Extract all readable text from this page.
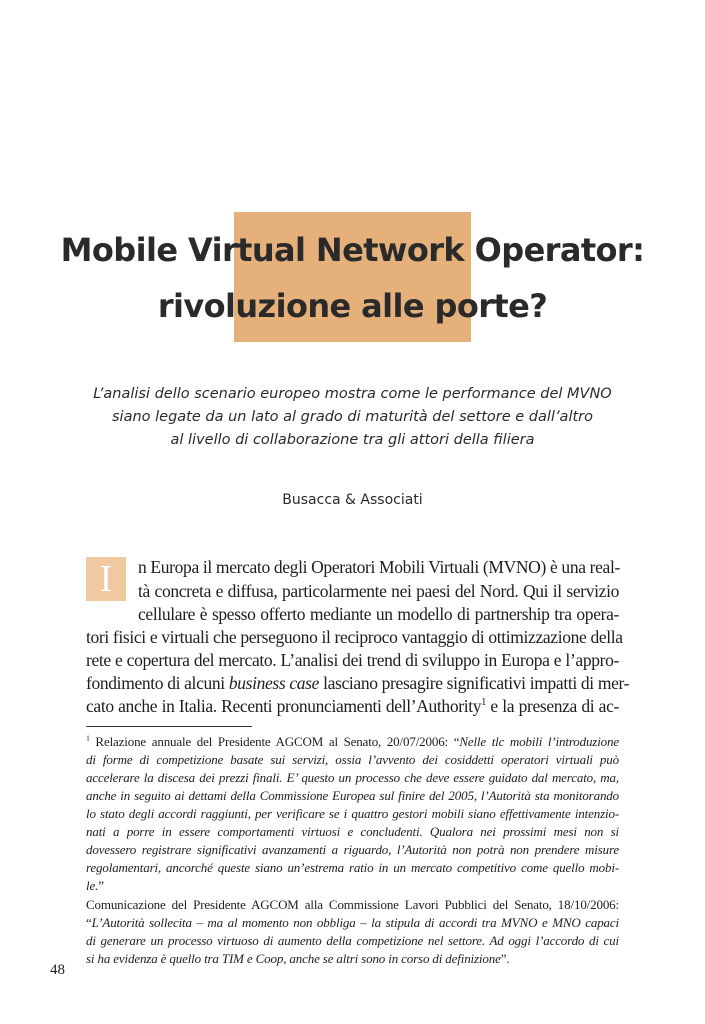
Mobile Virtual Network Operator:
rivoluzione alle porte?
L’analisi dello scenario europeo mostra come le performance del MVNO
siano legate da un lato al grado di maturità del settore e dall’altro
al livello di collaborazione tra gli attori della filiera
Busacca & Associati
I	n Europa il mercato degli Operatori Mobili Virtuali (MVNO) è una real-
tà concreta e diffusa, particolarmente nei paesi del Nord. Qui il servizio
cellulare è spesso offerto mediante un modello di partnership tra opera-
tori fisici e virtuali che perseguono il reciproco vantaggio di ottimizzazione della
rete e copertura del mercato. L’analisi dei trend di sviluppo in Europa e l’appro-
fondimento di alcuni business case lasciano presagire significativi impatti di mer-
cato anche in Italia. Recenti pronunciamenti dell’Authority$^1$ e la presenza di ac-
$^1$ Relazione annuale del Presidente AGCOM al Senato, 20/07/2006: “Nelle tlc mobili l’introduzione
di forme di competizione basate sui servizi, ossia l’avvento dei cosiddetti operatori virtuali può
accelerare la discesa dei prezzi finali. E’ questo un processo che deve essere guidato dal mercato, ma,
anche in seguito ai dettami della Commissione Europea sul finire del 2005, l’Autorità sta monitorando
lo stato degli accordi raggiunti, per verificare se i quattro gestori mobili siano effettivamente intenzio-
nati a porre in essere comportamenti virtuosi e concludenti. Qualora nei prossimi mesi non si
dovessero registrare significativi avanzamenti a riguardo, l’Autorità non potrà non prendere misure
regolamentari, ancorché queste siano un’estrema ratio in un mercato competitivo come quello mobi-
le.”
Comunicazione del Presidente AGCOM alla Commissione Lavori Pubblici del Senato, 18/10/2006:
“L’Autorità sollecita – ma al momento non obbliga – la stipula di accordi tra MVNO e MNO capaci
di generare un processo virtuoso di aumento della competizione nel settore. Ad oggi l’accordo di cui
si ha evidenza è quello tra TIM e Coop, anche se altri sono in corso di definizione”.
48
